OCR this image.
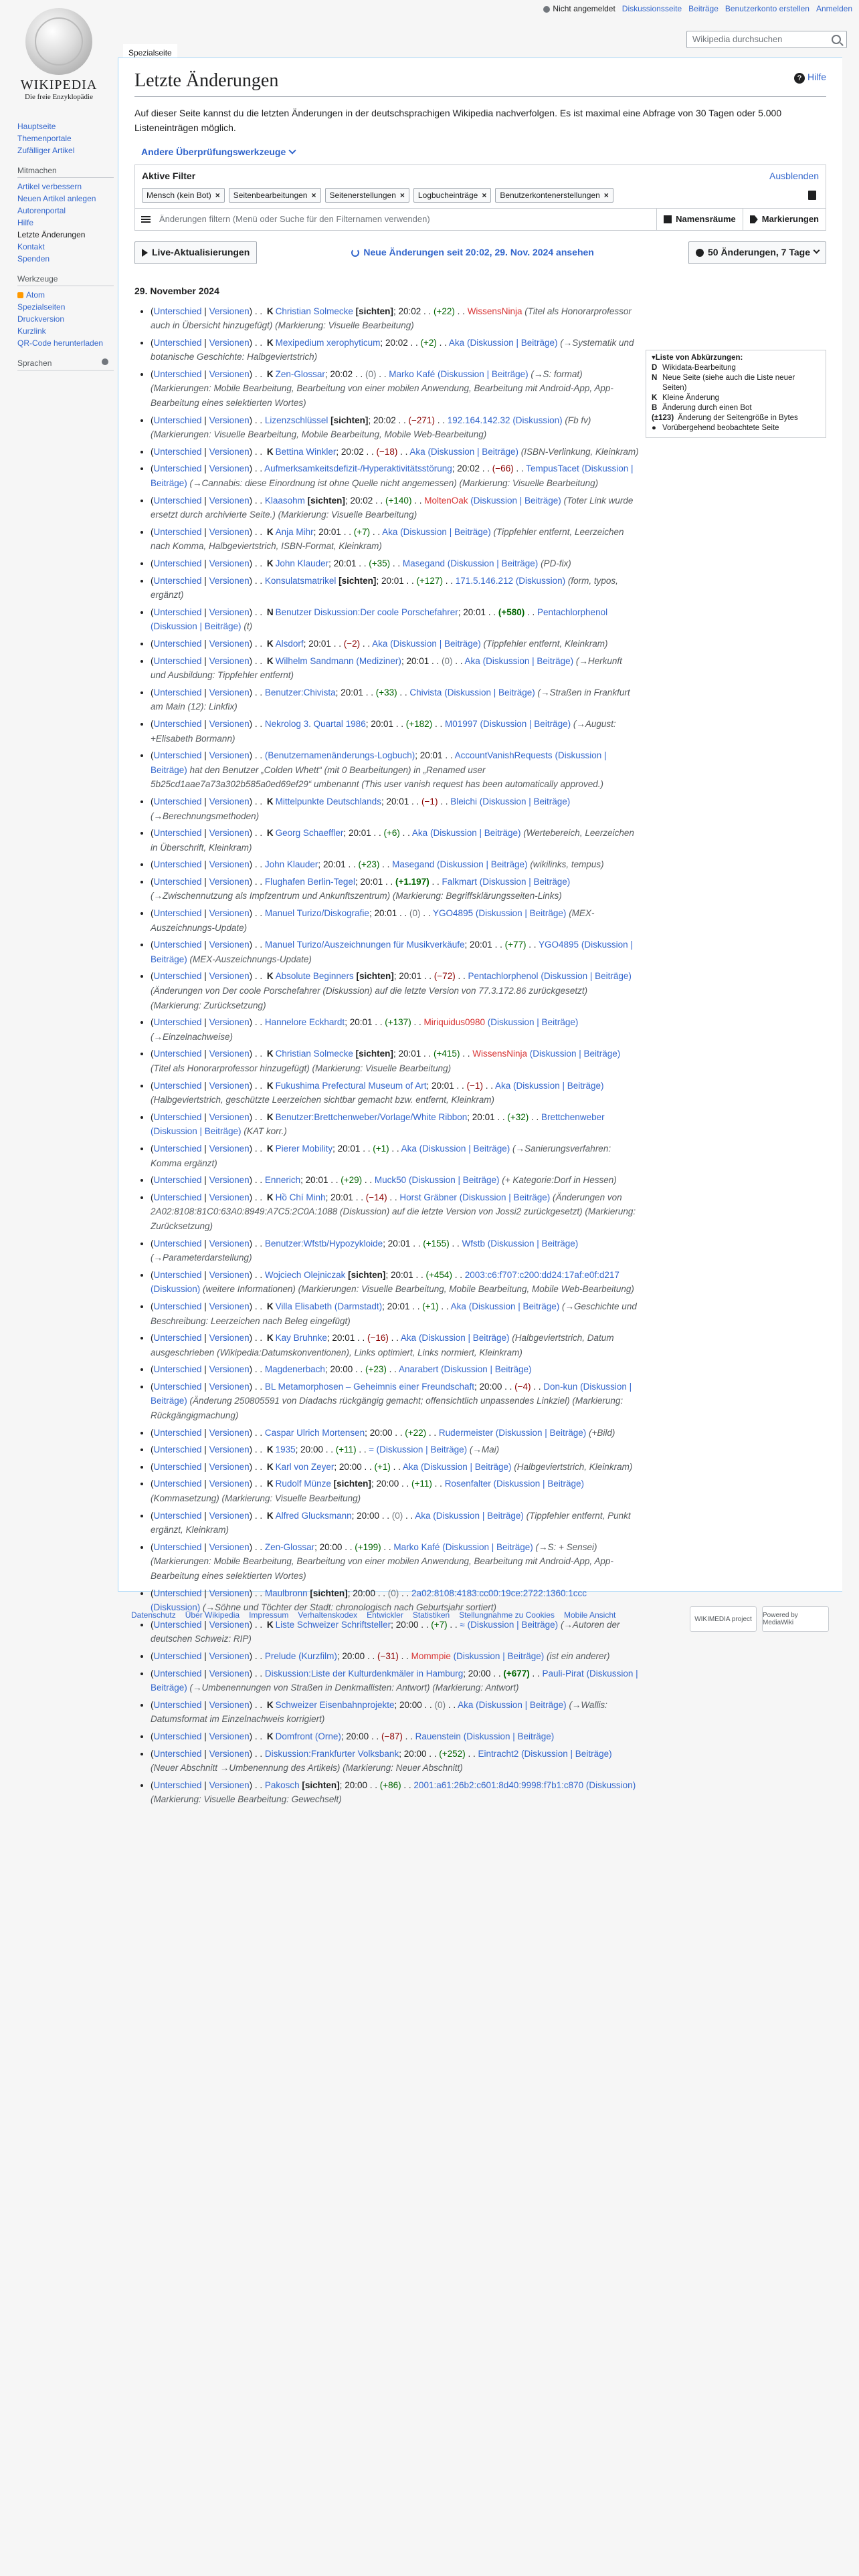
Nicht angemeldet Diskussionsseite Beiträge Benutzerkonto erstellen Anmelden
WIKIPEDIA
Die freie Enzyklopädie
Spezialseite
Wikipedia durchsuchen
Hauptseite
Themenportale
Zufälliger Artikel
Mitmachen
Artikel verbessern
Neuen Artikel anlegen
Autorenportal
Hilfe
Letzte Änderungen
Kontakt
Spenden
Werkzeuge
Atom
Spezialseiten
Druckversion
Kurzlink
QR-Code herunterladen
Sprachen
? Hilfe
Letzte Änderungen
Auf dieser Seite kannst du die letzten Änderungen in der deutschsprachigen Wikipedia nachverfolgen. Es ist maximal eine Abfrage von 30 Tagen oder 5.000 Listeneinträgen möglich.
Andere Überprüfungswerkzeuge
Aktive Filter	Ausblenden
Mensch (kein Bot) ×	Seitenbearbeitungen ×	Seitenerstellungen ×	Logbucheinträge ×	Benutzerkontenerstellungen ×
Änderungen filtern (Menü oder Suche für den Filternamen verwenden)	Namensräume	Markierungen
Live-Aktualisierungen	Neue Änderungen seit 20:02, 29. Nov. 2024 ansehen	50 Änderungen, 7 Tage
▾ Liste von Abkürzungen:
D Wikidata-Bearbeitung
N Neue Seite (siehe auch die Liste neuer Seiten)
K Kleine Änderung
B Änderung durch einen Bot
(±123) Änderung der Seitengröße in Bytes
● Vorübergehend beobachtete Seite
29. November 2024
• (Unterschied | Versionen) . . K Christian Solmecke [sichten]; 20:02 . . (+22) . . WissensNinja (Titel als Honorarprofessor auch in Übersicht hinzugefügt) (Markierung: Visuelle Bearbeitung)
• (Unterschied | Versionen) . . K Mexipedium xerophyticum; 20:02 . . (+2) . . Aka (Diskussion | Beiträge) (→Systematik und botanische Geschichte: Halbgeviertstrich)
• (Unterschied | Versionen) . . K Zen-Glossar; 20:02 . . (0) . . Marko Kafé (Diskussion | Beiträge) (→S: format) (Markierungen: Mobile Bearbeitung, Bearbeitung von einer mobilen Anwendung, Bearbeitung mit Android-App, App-Bearbeitung eines selektierten Wortes)
• (Unterschied | Versionen) . . Lizenzschlüssel [sichten]; 20:02 . . (−271) . . 192.164.142.32 (Diskussion) (Fb fv) (Markierungen: Visuelle Bearbeitung, Mobile Bearbeitung, Mobile Web-Bearbeitung)
• (Unterschied | Versionen) . . K Bettina Winkler; 20:02 . . (−18) . . Aka (Diskussion | Beiträge) (ISBN-Verlinkung, Kleinkram)
• (Unterschied | Versionen) . . Aufmerksamkeitsdefizit-/Hyperaktivitätsstörung; 20:02 . . (−66) . . TempusTacet (Diskussion | Beiträge) (→Cannabis: diese Einordnung ist ohne Quelle nicht angemessen) (Markierung: Visuelle Bearbeitung)
• (Unterschied | Versionen) . . Klaasohm [sichten]; 20:02 . . (+140) . . MoltenOak (Diskussion | Beiträge) (Toter Link wurde ersetzt durch archivierte Seite.) (Markierung: Visuelle Bearbeitung)
• (Unterschied | Versionen) . . K Anja Mihr; 20:01 . . (+7) . . Aka (Diskussion | Beiträge) (Tippfehler entfernt, Leerzeichen nach Komma, Halbgeviertstrich, ISBN-Format, Kleinkram)
• (Unterschied | Versionen) . . K John Klauder; 20:01 . . (+35) . . Masegand (Diskussion | Beiträge) (PD-fix)
• (Unterschied | Versionen) . . Konsulatsmatrikel [sichten]; 20:01 . . (+127) . . 171.5.146.212 (Diskussion) (form, typos, ergänzt)
• (Unterschied | Versionen) . . N Benutzer Diskussion:Der coole Porschefahrer; 20:01 . . (+580) . . Pentachlorphenol (Diskussion | Beiträge) (t)
• (Unterschied | Versionen) . . K Alsdorf; 20:01 . . (−2) . . Aka (Diskussion | Beiträge) (Tippfehler entfernt, Kleinkram)
• (Unterschied | Versionen) . . K Wilhelm Sandmann (Mediziner); 20:01 . . (0) . . Aka (Diskussion | Beiträge) (→Herkunft und Ausbildung: Tippfehler entfernt)
• (Unterschied | Versionen) . . Benutzer:Chivista; 20:01 . . (+33) . . Chivista (Diskussion | Beiträge) (→Straßen in Frankfurt am Main (12): Linkfix)
• (Unterschied | Versionen) . . Nekrolog 3. Quartal 1986; 20:01 . . (+182) . . M01997 (Diskussion | Beiträge) (→August: +Elisabeth Bormann)
• (Unterschied | Versionen) . . (Benutzernamenänderungs-Logbuch); 20:01 . . AccountVanishRequests (Diskussion | Beiträge) hat den Benutzer „Colden Whett“ (mit 0 Bearbeitungen) in „Renamed user 5b25cd1aae7a73a302b585a0ed69ef29“ umbenannt (This user vanish request has been automatically approved.)
• (Unterschied | Versionen) . . K Mittelpunkte Deutschlands; 20:01 . . (−1) . . Bleichi (Diskussion | Beiträge) (→Berechnungsmethoden)
• (Unterschied | Versionen) . . K Georg Schaeffler; 20:01 . . (+6) . . Aka (Diskussion | Beiträge) (Wertebereich, Leerzeichen in Überschrift, Kleinkram)
• (Unterschied | Versionen) . . John Klauder; 20:01 . . (+23) . . Masegand (Diskussion | Beiträge) (wikilinks, tempus)
• (Unterschied | Versionen) . . Flughafen Berlin-Tegel; 20:01 . . (+1.197) . . Falkmart (Diskussion | Beiträge) (→Zwischennutzung als Impfzentrum und Ankunftszentrum) (Markierung: Begriffsklärungsseiten-Links)
• (Unterschied | Versionen) . . Manuel Turizo/Diskografie; 20:01 . . (0) . . YGO4895 (Diskussion | Beiträge) (MEX-Auszeichnungs-Update)
• (Unterschied | Versionen) . . Manuel Turizo/Auszeichnungen für Musikverkäufe; 20:01 . . (+77) . . YGO4895 (Diskussion | Beiträge) (MEX-Auszeichnungs-Update)
• (Unterschied | Versionen) . . K Absolute Beginners [sichten]; 20:01 . . (−72) . . Pentachlorphenol (Diskussion | Beiträge) (Änderungen von Der coole Porschefahrer (Diskussion) auf die letzte Version von 77.3.172.86 zurückgesetzt) (Markierung: Zurücksetzung)
• (Unterschied | Versionen) . . Hannelore Eckhardt; 20:01 . . (+137) . . Miriquidus0980 (Diskussion | Beiträge) (→Einzelnachweise)
• (Unterschied | Versionen) . . K Christian Solmecke [sichten]; 20:01 . . (+415) . . WissensNinja (Diskussion | Beiträge) (Titel als Honorarprofessor hinzugefügt) (Markierung: Visuelle Bearbeitung)
• (Unterschied | Versionen) . . K Fukushima Prefectural Museum of Art; 20:01 . . (−1) . . Aka (Diskussion | Beiträge) (Halbgeviertstrich, geschützte Leerzeichen sichtbar gemacht bzw. entfernt, Kleinkram)
• (Unterschied | Versionen) . . K Benutzer:Brettchenweber/Vorlage/White Ribbon; 20:01 . . (+32) . . Brettchenweber (Diskussion | Beiträge) (KAT korr.)
• (Unterschied | Versionen) . . K Pierer Mobility; 20:01 . . (+1) . . Aka (Diskussion | Beiträge) (→Sanierungsverfahren: Komma ergänzt)
• (Unterschied | Versionen) . . Ennerich; 20:01 . . (+29) . . Muck50 (Diskussion | Beiträge) (+ Kategorie:Dorf in Hessen)
• (Unterschied | Versionen) . . K Hồ Chí Minh; 20:01 . . (−14) . . Horst Gräbner (Diskussion | Beiträge) (Änderungen von 2A02:8108:81C0:63A0:8949:A7C5:2C0A:1088 (Diskussion) auf die letzte Version von Jossi2 zurückgesetzt) (Markierung: Zurücksetzung)
• (Unterschied | Versionen) . . Benutzer:Wfstb/Hypozykloide; 20:01 . . (+155) . . Wfstb (Diskussion | Beiträge) (→Parameterdarstellung)
• (Unterschied | Versionen) . . Wojciech Olejniczak [sichten]; 20:01 . . (+454) . . 2003:c6:f707:c200:dd24:17af:e0f:d217 (Diskussion) (weitere Informationen) (Markierungen: Visuelle Bearbeitung, Mobile Bearbeitung, Mobile Web-Bearbeitung)
• (Unterschied | Versionen) . . K Villa Elisabeth (Darmstadt); 20:01 . . (+1) . . Aka (Diskussion | Beiträge) (→Geschichte und Beschreibung: Leerzeichen nach Beleg eingefügt)
• (Unterschied | Versionen) . . K Kay Bruhnke; 20:01 . . (−16) . . Aka (Diskussion | Beiträge) (Halbgeviertstrich, Datum ausgeschrieben (Wikipedia:Datumskonventionen), Links optimiert, Links normiert, Kleinkram)
• (Unterschied | Versionen) . . Magdenerbach; 20:00 . . (+23) . . Anarabert (Diskussion | Beiträge)
• (Unterschied | Versionen) . . BL Metamorphosen – Geheimnis einer Freundschaft; 20:00 . . (−4) . . Don-kun (Diskussion | Beiträge) (Änderung 250805591 von Diadachs rückgängig gemacht; offensichtlich unpassendes Linkziel) (Markierung: Rückgängigmachung)
• (Unterschied | Versionen) . . Caspar Ulrich Mortensen; 20:00 . . (+22) . . Rudermeister (Diskussion | Beiträge) (+Bild)
• (Unterschied | Versionen) . . K 1935; 20:00 . . (+11) . . ≈ (Diskussion | Beiträge) (→Mai)
• (Unterschied | Versionen) . . K Karl von Zeyer; 20:00 . . (+1) . . Aka (Diskussion | Beiträge) (Halbgeviertstrich, Kleinkram)
• (Unterschied | Versionen) . . K Rudolf Münze [sichten]; 20:00 . . (+11) . . Rosenfalter (Diskussion | Beiträge) (Kommasetzung) (Markierung: Visuelle Bearbeitung)
• (Unterschied | Versionen) . . K Alfred Glucksmann; 20:00 . . (0) . . Aka (Diskussion | Beiträge) (Tippfehler entfernt, Punkt ergänzt, Kleinkram)
• (Unterschied | Versionen) . . Zen-Glossar; 20:00 . . (+199) . . Marko Kafé (Diskussion | Beiträge) (→S: + Sensei) (Markierungen: Mobile Bearbeitung, Bearbeitung von einer mobilen Anwendung, Bearbeitung mit Android-App, App-Bearbeitung eines selektierten Wortes)
• (Unterschied | Versionen) . . Maulbronn [sichten]; 20:00 . . (0) . . 2a02:8108:4183:cc00:19ce:2722:1360:1ccc (Diskussion) (→Söhne und Töchter der Stadt: chronologisch nach Geburtsjahr sortiert)
• (Unterschied | Versionen) . . K Liste Schweizer Schriftsteller; 20:00 . . (+7) . . ≈ (Diskussion | Beiträge) (→Autoren der deutschen Schweiz: RIP)
• (Unterschied | Versionen) . . Prelude (Kurzfilm); 20:00 . . (−31) . . Mommpie (Diskussion | Beiträge) (ist ein anderer)
• (Unterschied | Versionen) . . Diskussion:Liste der Kulturdenkmäler in Hamburg; 20:00 . . (+677) . . Pauli-Pirat (Diskussion | Beiträge) (→Umbenennungen von Straßen in Denkmallisten: Antwort) (Markierung: Antwort)
• (Unterschied | Versionen) . . K Schweizer Eisenbahnprojekte; 20:00 . . (0) . . Aka (Diskussion | Beiträge) (→Wallis: Datumsformat im Einzelnachweis korrigiert)
• (Unterschied | Versionen) . . K Domfront (Orne); 20:00 . . (−87) . . Rauenstein (Diskussion | Beiträge)
• (Unterschied | Versionen) . . Diskussion:Frankfurter Volksbank; 20:00 . . (+252) . . Eintracht2 (Diskussion | Beiträge) (Neuer Abschnitt →Umbenennung des Artikels) (Markierung: Neuer Abschnitt)
• (Unterschied | Versionen) . . Pakosch [sichten]; 20:00 . . (+86) . . 2001:a61:26b2:c601:8d40:9998:f7b1:c870 (Diskussion) (Markierung: Visuelle Bearbeitung: Gewechselt)
Datenschutz Über Wikipedia Impressum Verhaltenskodex Entwickler Statistiken Stellungnahme zu Cookies Mobile Ansicht	WIKIMEDIA project	Powered by MediaWiki
